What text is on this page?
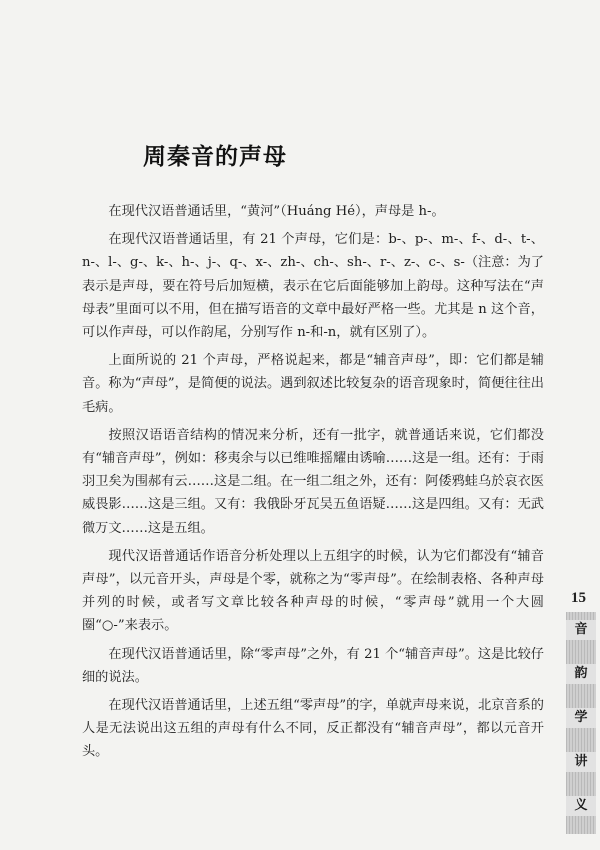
周秦音的声母

在现代汉语普通话里，“黄河”（Huáng Hé），声母是 h-。

在现代汉语普通话里，有 21 个声母，它们是：b-、p-、m-、f-、d-、t-、n-、l-、g-、k-、h-、j-、q-、x-、zh-、ch-、sh-、r-、z-、c-、s-（注意：为了表示是声母，要在符号后加短横，表示在它后面能够加上韵母。这种写法在“声母表”里面可以不用，但在描写语音的文章中最好严格一些。尤其是 n 这个音，可以作声母，可以作韵尾，分别写作 n-和-n，就有区别了）。

上面所说的 21 个声母，严格说起来，都是“辅音声母”，即：它们都是辅音。称为“声母”，是简便的说法。遇到叙述比较复杂的语音现象时，简便往往出毛病。

按照汉语语音结构的情况来分析，还有一批字，就普通话来说，它们都没有“辅音声母”，例如：移夷余与以已维唯摇耀由诱喻……这是一组。还有：于雨羽卫矣为围郝有云……这是二组。在一组二组之外，还有：阿倭鸦蛙乌於哀衣医威畏影……这是三组。又有：我俄卧牙瓦吴五鱼语疑……这是四组。又有：无武微万文……这是五组。

现代汉语普通话作语音分析处理以上五组字的时候，认为它们都没有“辅音声母”，以元音开头，声母是个零，就称之为“零声母”。在绘制表格、各种声母并列的时候，或者写文章比较各种声母的时候，“零声母”就用一个大圆圈“○-”来表示。

在现代汉语普通话里，除“零声母”之外，有 21 个“辅音声母”。这是比较仔细的说法。

在现代汉语普通话里，上述五组“零声母”的字，单就声母来说，北京音系的人是无法说出这五组的声母有什么不同，反正都没有“辅音声母”，都以元音开头。

15
音
韵
学
讲
义
